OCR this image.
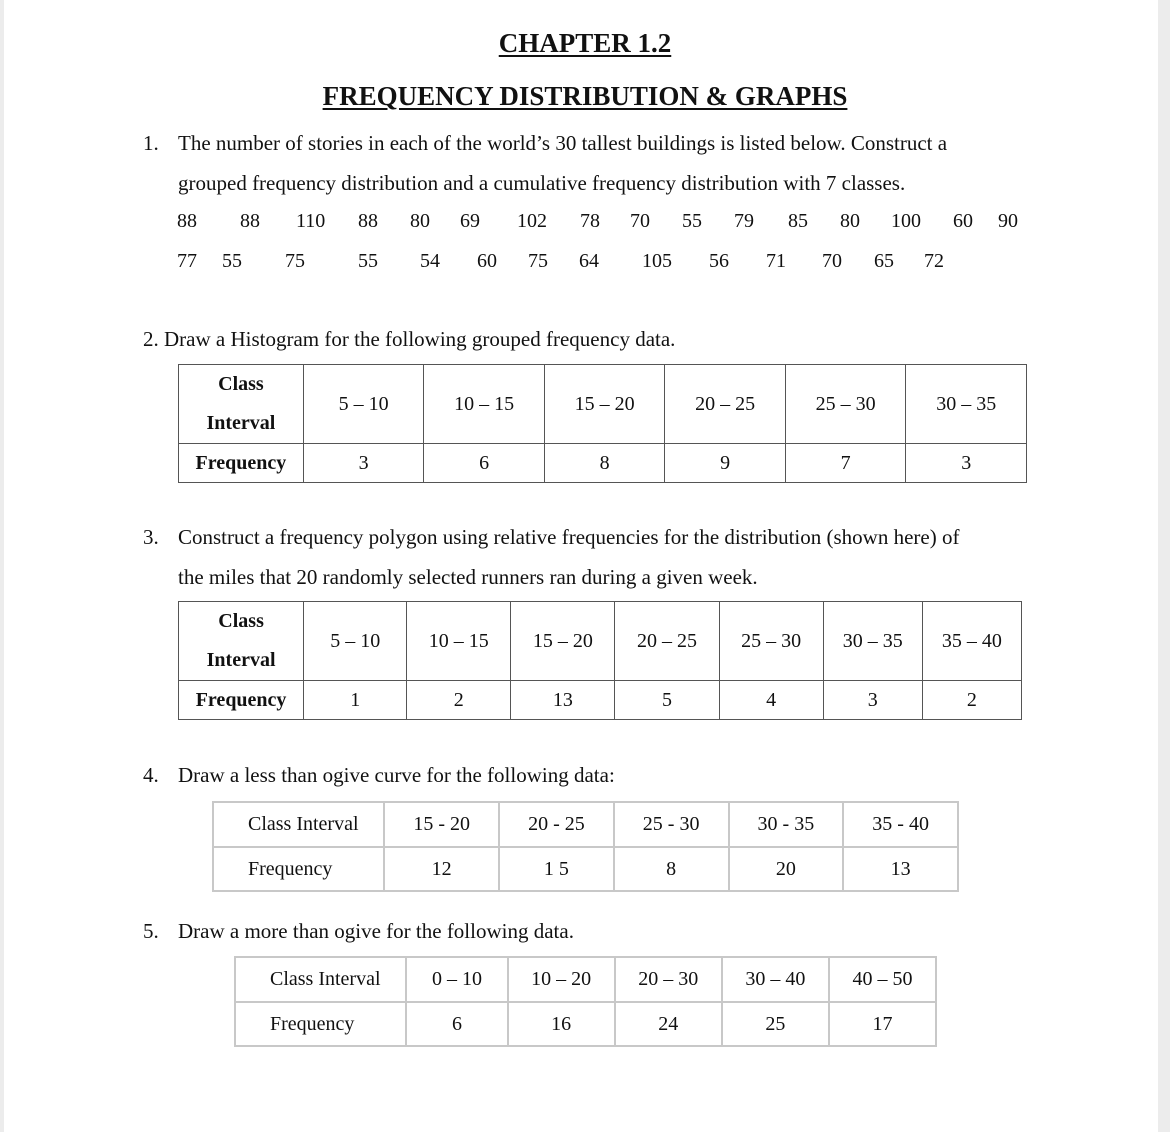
CHAPTER 1.2
FREQUENCY DISTRIBUTION & GRAPHS
1. The number of stories in each of the world’s 30 tallest buildings is listed below. Construct a
grouped frequency distribution and a cumulative frequency distribution with 7 classes.
88 88 110 88 80 69 102 78 70 55 79 85 80 100 60 90
77 55 75	55 54 60 75 64 105 56 71 70 65 72
2. Draw a Histogram for the following grouped frequency data.
Class
Interval	5 – 10	10 – 15	15 – 20	20 – 25	25 – 30	30 – 35
Frequency	3	6	8	9	7	3
3. Construct a frequency polygon using relative frequencies for the distribution (shown here) of
the miles that 20 randomly selected runners ran during a given week.
Class
Interval	5 – 10	10 – 15	15 – 20	20 – 25	25 – 30	30 – 35	35 – 40
Frequency	1	2	13	5	4	3	2
4. Draw a less than ogive curve for the following data:
Class Interval	15 - 20	20 - 25	25 - 30	30 - 35	35 - 40
Frequency	12	1 5	8	20	13
5. Draw a more than ogive for the following data.
Class Interval	0 – 10	10 – 20	20 – 30	30 – 40	40 – 50
Frequency	6	16	24	25	17
